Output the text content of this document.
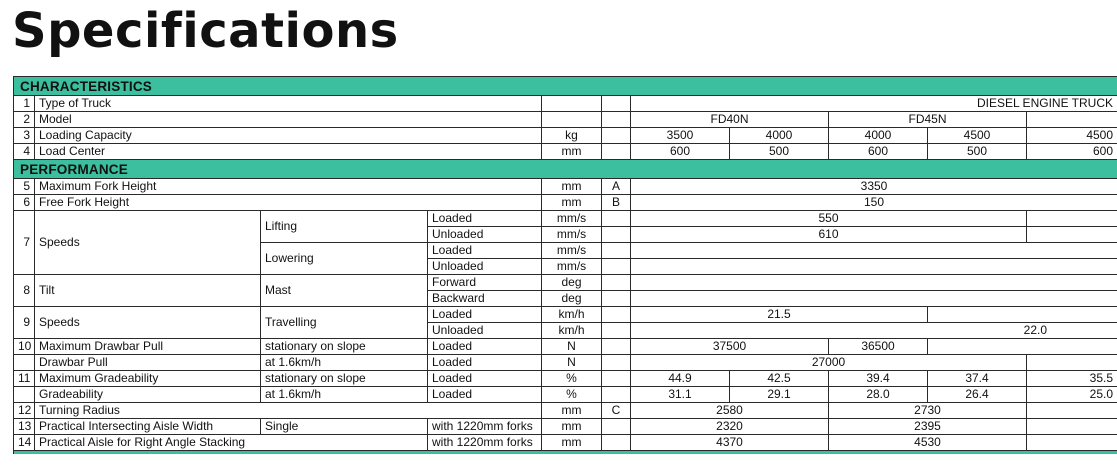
Specifications
CHARACTERISTICS										
1	Type of Truck					DIESEL ENGINE TRUCK				
2	Model					FD40N		FD45N		
3	Loading Capacity			kg		3500	4000	4000	4500	4500
4	Load Center			mm		600	500	600	500	600
PERFORMANCE										
5	Maximum Fork Height			mm	A	3350				
6	Free Fork Height			mm	B	150				
7	Speeds	Lifting	Loaded	mm/s		550				
			Unloaded	mm/s		610				
		Lowering	Loaded	mm/s						
			Unloaded	mm/s						
8	Tilt	Mast	Forward	deg						
			Backward	deg						
9	Speeds	Travelling	Loaded	km/h		21.5				
			Unloaded	km/h		22.0				
10	Maximum Drawbar Pull	stationary on slope	Loaded	N		37500		36500		
	Drawbar Pull	at 1.6km/h	Loaded	N		27000				
11	Maximum Gradeability	stationary on slope	Loaded	%		44.9	42.5	39.4	37.4	35.5
	Gradeability	at 1.6km/h	Loaded	%		31.1	29.1	28.0	26.4	25.0
12	Turning Radius			mm	C	2580		2730		
13	Practical Intersecting Aisle Width	Single	with 1220mm forks	mm		2320		2395		
14	Practical Aisle for Right Angle Stacking		with 1220mm forks	mm		4370		4530		
